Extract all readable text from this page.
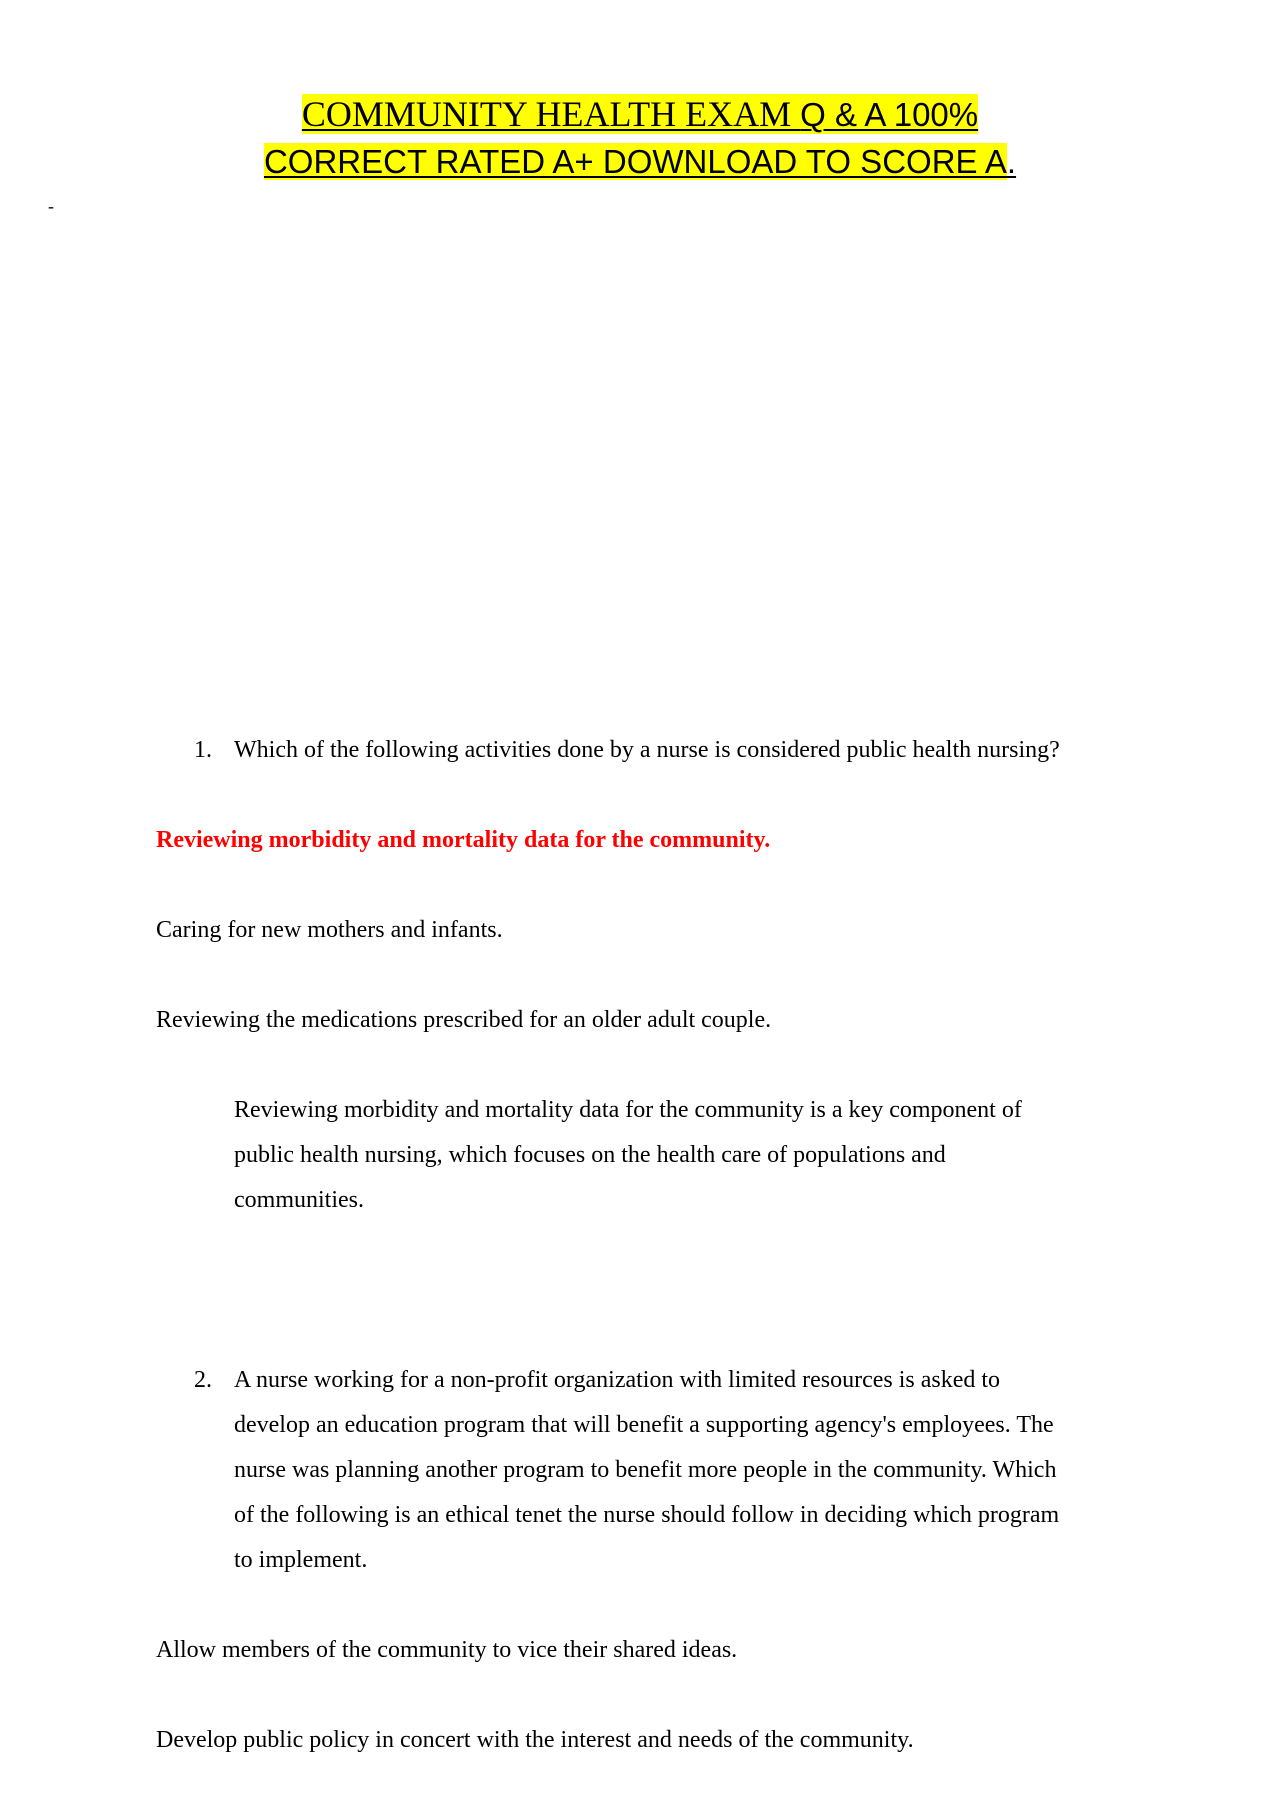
COMMUNITY HEALTH EXAM Q & A 100%
CORRECT RATED A+ DOWNLOAD TO SCORE A.
-
1. Which of the following activities done by a nurse is considered public health nursing?
Reviewing morbidity and mortality data for the community.
Caring for new mothers and infants.
Reviewing the medications prescribed for an older adult couple.
Reviewing morbidity and mortality data for the community is a key component of
public health nursing, which focuses on the health care of populations and
communities.
2. A nurse working for a non-profit organization with limited resources is asked to
develop an education program that will benefit a supporting agency's employees. The
nurse was planning another program to benefit more people in the community. Which
of the following is an ethical tenet the nurse should follow in deciding which program
to implement.
Allow members of the community to vice their shared ideas.
Develop public policy in concert with the interest and needs of the community.
